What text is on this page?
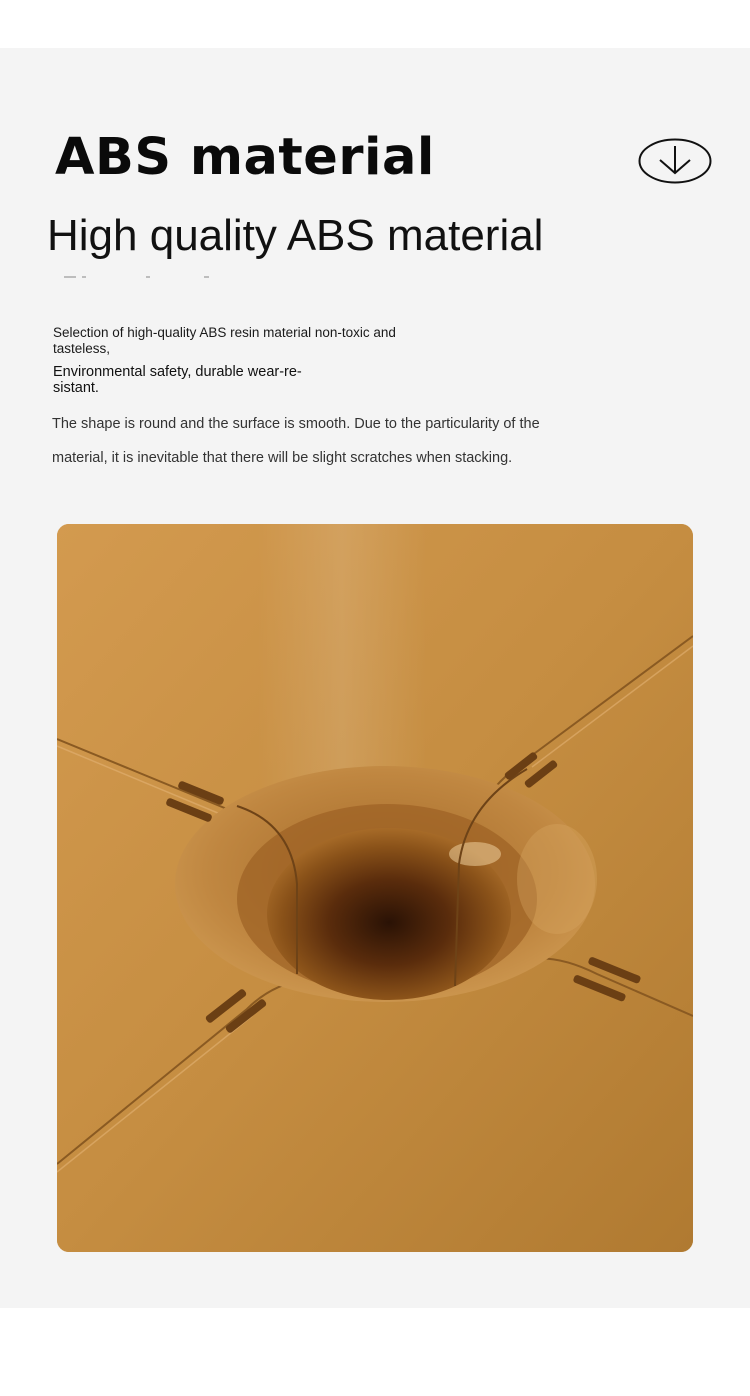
ABS material
High quality ABS material

Selection of high-quality ABS resin material non-toxic and tasteless,

Environmental safety, durable wear-re-sistant.

The shape is round and the surface is smooth. Due to the particularity of the material, it is inevitable that there will be slight scratches when stacking.
